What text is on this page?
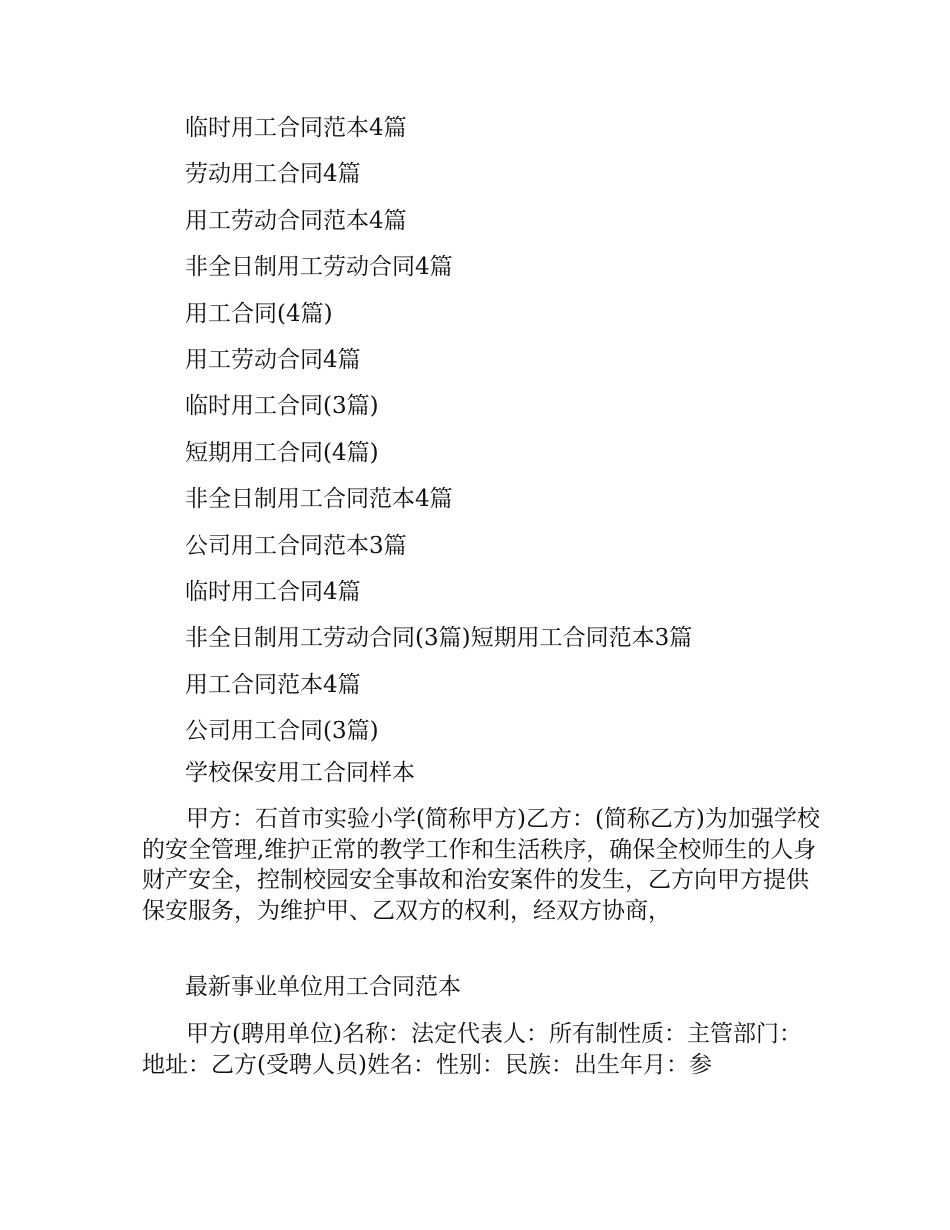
临时用工合同范本4篇
劳动用工合同4篇
用工劳动合同范本4篇
非全日制用工劳动合同4篇
用工合同(4篇)
用工劳动合同4篇
临时用工合同(3篇)
短期用工合同(4篇)
非全日制用工合同范本4篇
公司用工合同范本3篇
临时用工合同4篇
非全日制用工劳动合同(3篇)短期用工合同范本3篇
用工合同范本4篇
公司用工合同(3篇)
学校保安用工合同样本

甲方：石首市实验小学(简称甲方)乙方：(简称乙方)为加强学校的安全管理,维护正常的教学工作和生活秩序，确保全校师生的人身财产安全，控制校园安全事故和治安案件的发生，乙方向甲方提供保安服务，为维护甲、乙双方的权利，经双方协商，

最新事业单位用工合同范本

甲方(聘用单位)名称：法定代表人：所有制性质：主管部门：地址：乙方(受聘人员)姓名：性别：民族：出生年月：参
